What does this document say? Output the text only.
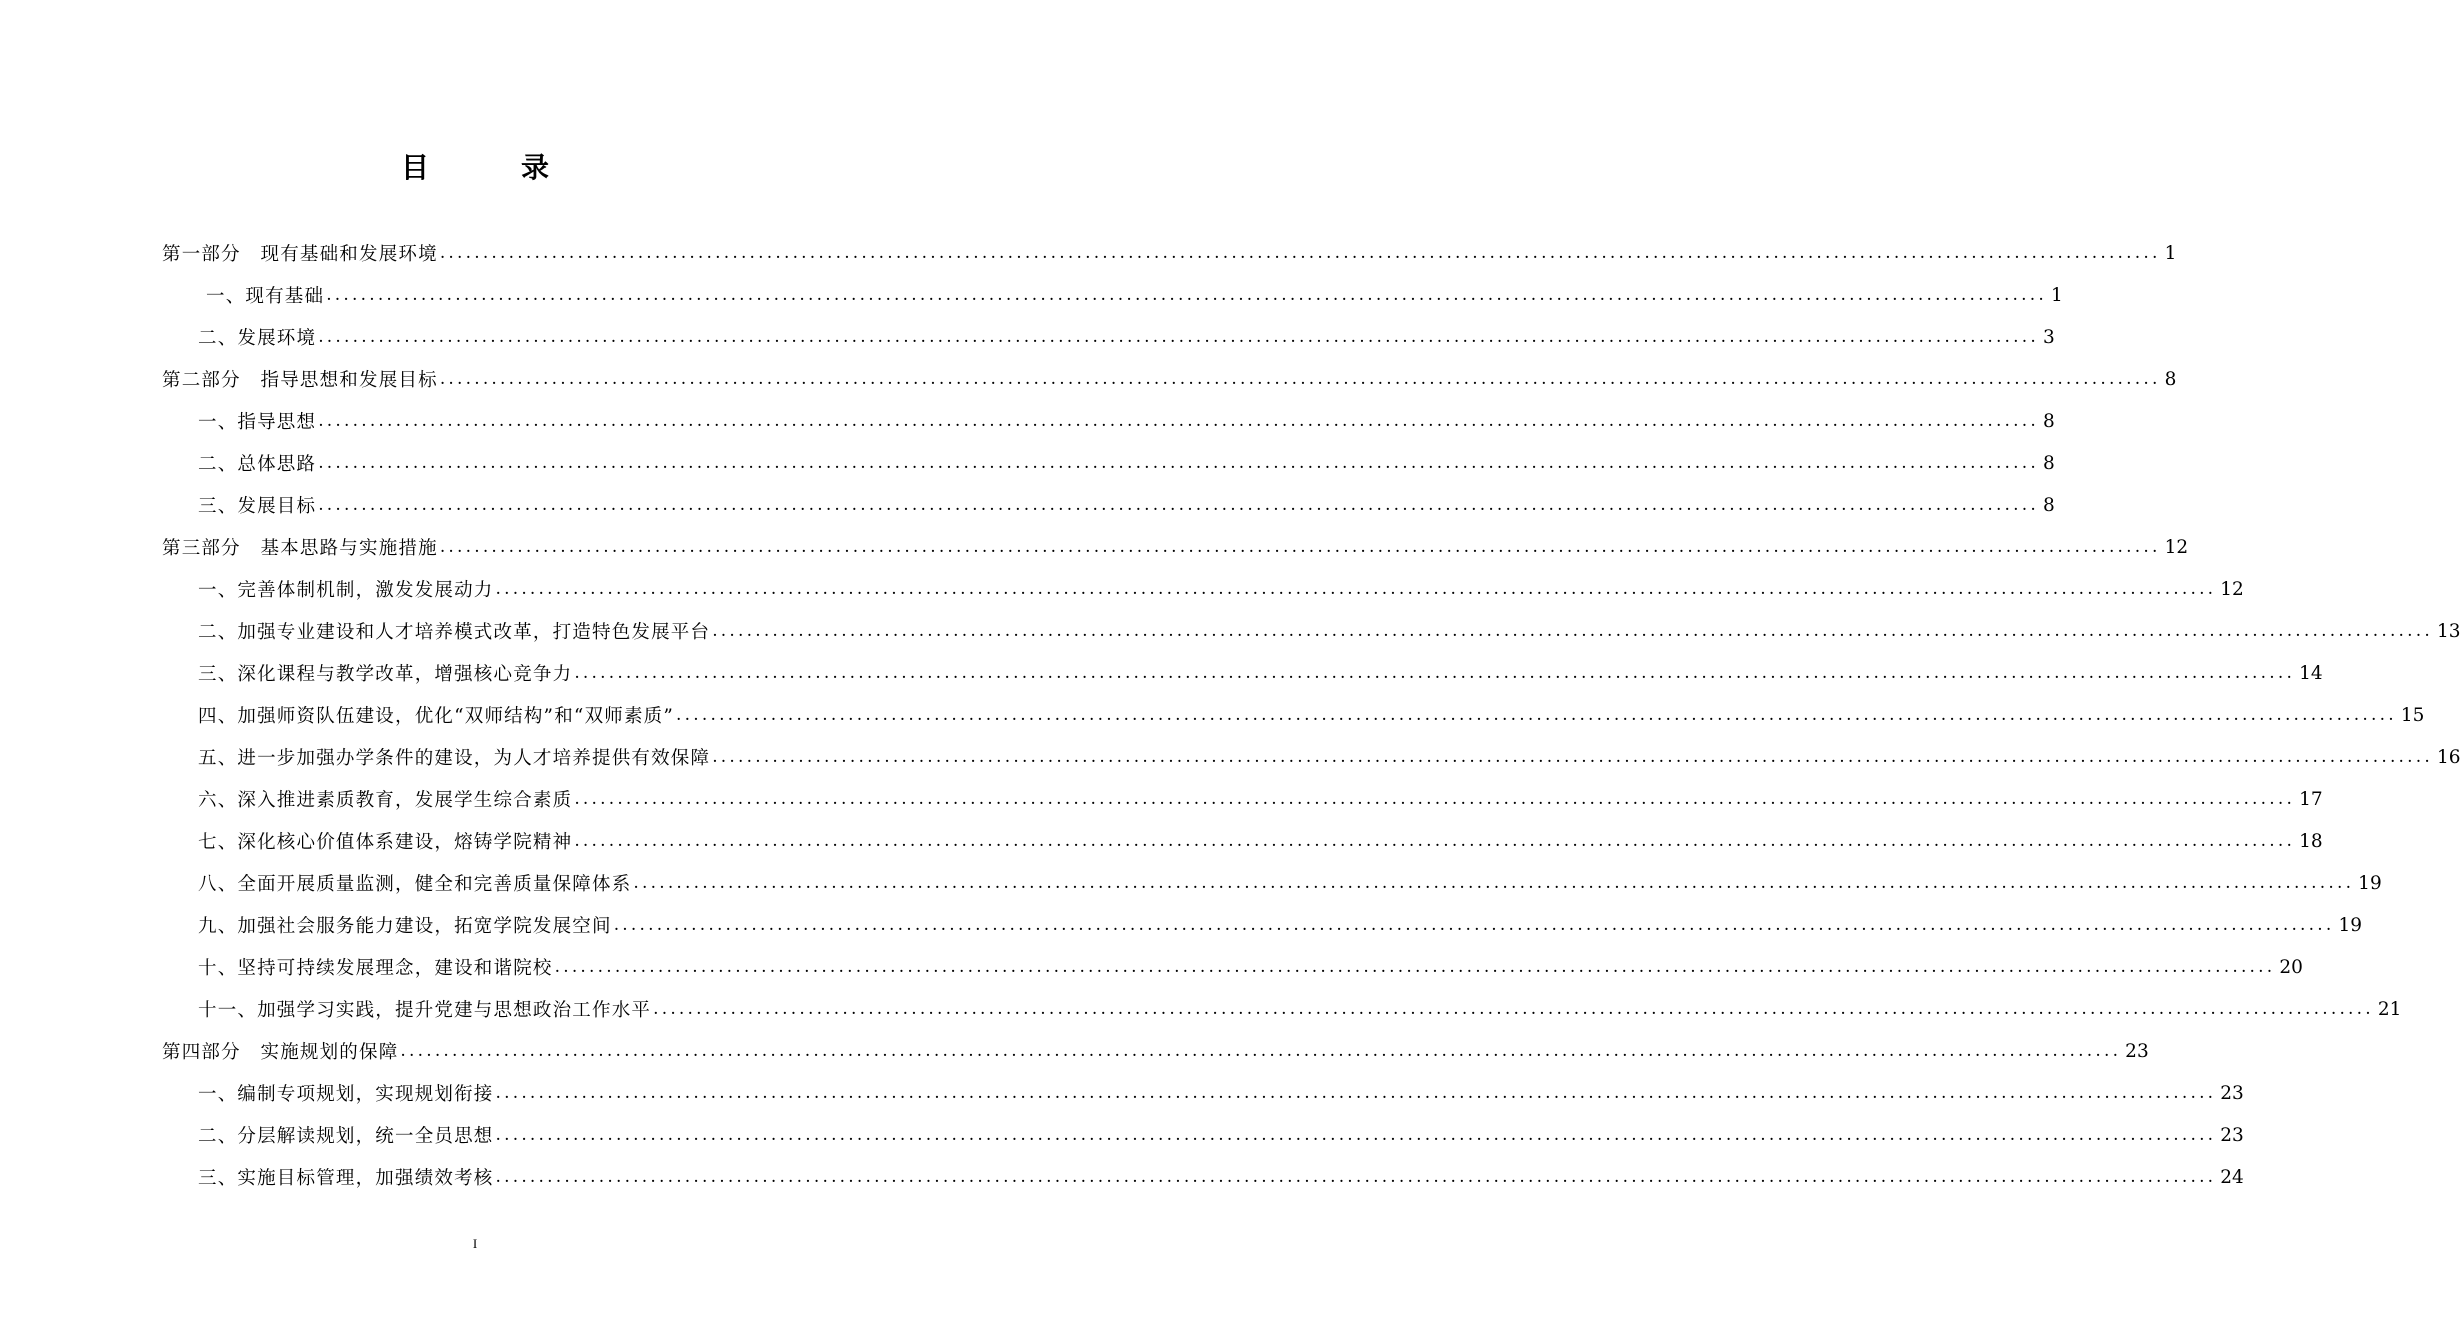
目　录
第一部分　现有基础和发展环境 ........................................................................................................................................................................................................ 1
一、现有基础 ........................................................................................................................................................................................................ 1
二、发展环境 ........................................................................................................................................................................................................ 3
第二部分　指导思想和发展目标 ........................................................................................................................................................................................................ 8
一、指导思想 ........................................................................................................................................................................................................ 8
二、总体思路 ........................................................................................................................................................................................................ 8
三、发展目标 ........................................................................................................................................................................................................ 8
第三部分　基本思路与实施措施 ........................................................................................................................................................................................................ 12
一、完善体制机制，激发发展动力 ........................................................................................................................................................................................................ 12
二、加强专业建设和人才培养模式改革，打造特色发展平台 ........................................................................................................................................................................................................ 13
三、深化课程与教学改革，增强核心竞争力 ........................................................................................................................................................................................................ 14
四、加强师资队伍建设，优化“双师结构”和“双师素质” ........................................................................................................................................................................................................ 15
五、进一步加强办学条件的建设，为人才培养提供有效保障 ........................................................................................................................................................................................................ 16
六、深入推进素质教育，发展学生综合素质 ........................................................................................................................................................................................................ 17
七、深化核心价值体系建设，熔铸学院精神 ........................................................................................................................................................................................................ 18
八、全面开展质量监测，健全和完善质量保障体系 ........................................................................................................................................................................................................ 19
九、加强社会服务能力建设，拓宽学院发展空间 ........................................................................................................................................................................................................ 19
十、坚持可持续发展理念，建设和谐院校 ........................................................................................................................................................................................................ 20
十一、加强学习实践，提升党建与思想政治工作水平 ........................................................................................................................................................................................................ 21
第四部分　实施规划的保障 ........................................................................................................................................................................................................ 23
一、编制专项规划，实现规划衔接 ........................................................................................................................................................................................................ 23
二、分层解读规划，统一全员思想 ........................................................................................................................................................................................................ 23
三、实施目标管理，加强绩效考核 ........................................................................................................................................................................................................ 24
I
